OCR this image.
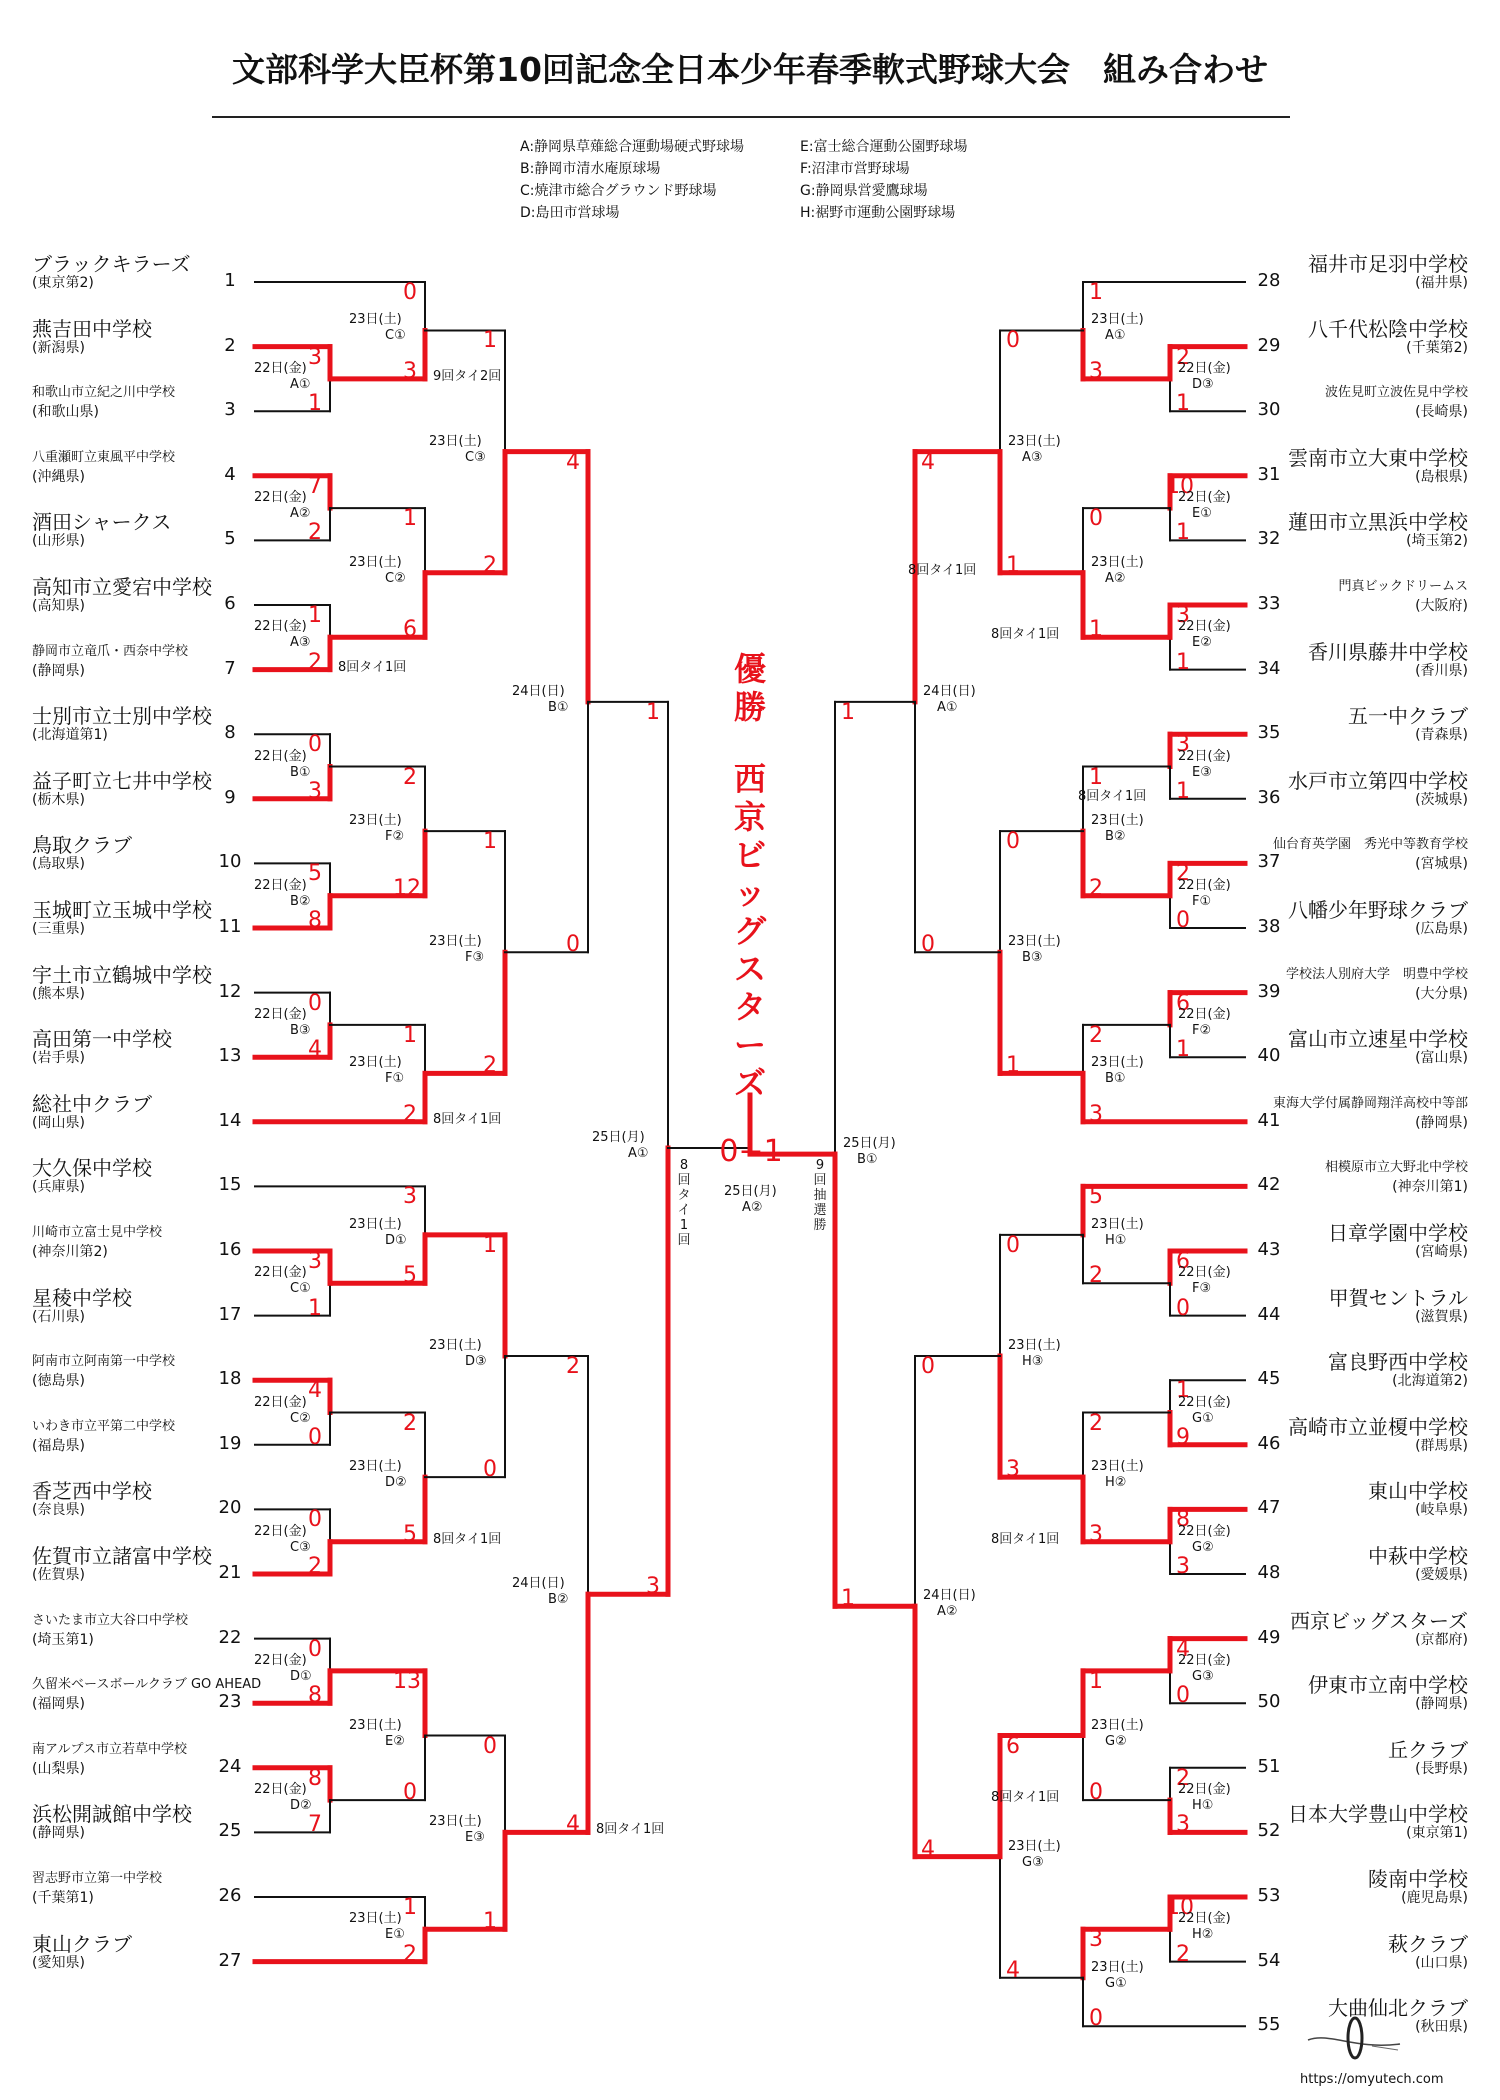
文部科学大臣杯第10回記念全日本少年春季軟式野球大会　組み合わせ
A:静岡県草薙総合運動場硬式野球場
B:静岡市清水庵原球場
C:焼津市総合グラウンド野球場
D:島田市営球場
E:富士総合運動公園野球場
F:沼津市営野球場
G:静岡県営愛鷹球場
H:裾野市運動公園野球場
ブラックキラーズ
(東京第2)	1
燕吉田中学校
(新潟県)	2
和歌山市立紀之川中学校
(和歌山県)	3
八重瀬町立東風平中学校
(沖縄県)	4
酒田シャークス
(山形県)	5
高知市立愛宕中学校
(高知県)	6
静岡市立竜爪・西奈中学校
(静岡県)	7
士別市立士別中学校
(北海道第1)	8
益子町立七井中学校
(栃木県)	9
鳥取クラブ
(鳥取県)	10
玉城町立玉城中学校
(三重県)	11
宇土市立鶴城中学校
(熊本県)	12
高田第一中学校
(岩手県)	13
総社中クラブ
(岡山県)	14
大久保中学校
(兵庫県)	15
川崎市立富士見中学校
(神奈川第2)	16
星稜中学校
(石川県)	17
阿南市立阿南第一中学校
(徳島県)	18
いわき市立平第二中学校
(福島県)	19
香芝西中学校
(奈良県)	20
佐賀市立諸富中学校
(佐賀県)	21
さいたま市立大谷口中学校
(埼玉第1)	22
久留米ベースボールクラブ GO AHEAD
(福岡県)	23
南アルプス市立若草中学校
(山梨県)	24
浜松開誠館中学校
(静岡県)	25
習志野市立第一中学校
(千葉第1)	26
東山クラブ
(愛知県)	27
福井市足羽中学校
(福井県)
28
八千代松陰中学校
(千葉第2)
29
波佐見町立波佐見中学校
(長崎県)
30
雲南市立大東中学校
(島根県)
31
蓮田市立黒浜中学校
(埼玉第2)
32
門真ビックドリームス
(大阪府)
33
香川県藤井中学校
(香川県)
34
五一中クラブ
(青森県)
35
水戸市立第四中学校
(茨城県)
36
仙台育英学園　秀光中等教育学校
(宮城県)
37
八幡少年野球クラブ
(広島県)
38
学校法人別府大学　明豊中学校
(大分県)
39
富山市立速星中学校
(富山県)
40
東海大学付属静岡翔洋高校中等部
(静岡県)
41
相模原市立大野北中学校
(神奈川第1)
42
日章学園中学校
(宮崎県)
43
甲賀セントラル
(滋賀県)
44
富良野西中学校
(北海道第2)
45
高崎市立並榎中学校
(群馬県)
46
東山中学校
(岐阜県)
47
中萩中学校
(愛媛県)
48
西京ビッグスターズ
(京都府)
49
伊東市立南中学校
(静岡県)
50
丘クラブ
(長野県)
51
日本大学豊山中学校
(東京第1)
52
陵南中学校
(鹿児島県)
53
萩クラブ
(山口県)
54
大曲仙北クラブ
(秋田県)
55
3
1
22日(金)
A①
0
3
23日(土)
C①
9回タイ2回
7
2
22日(金)
A②
1
2
22日(金)
A③
8回タイ1回
1
6
23日(土)
C②
1
2
23日(土)
C③
0
3
22日(金)
B①
5
8
22日(金)
B②
2
12
23日(土)
F②
0
4
22日(金)
B③	1
2
23日(土)
F①
8回タイ1回
1
2
23日(土)
F③
4
0
24日(日)
B①
3
1
22日(金)
C①
3
5
23日(土)
D①
4
0
22日(金)
C②
0
2
22日(金)
C③
2
5
23日(土)
D②
8回タイ1回
1
0
23日(土)
D③
0
8
22日(金)
D①
8
7
22日(金)
D②
13
0
23日(土)
E②
1
2
23日(土)
E①
0
1
23日(土)
E③
2
4
24日(日)
B②
8回タイ1回
1
3
25日(月)
A①
2
1
22日(金)
D③
1
3
23日(土)
A①
10
1
22日(金)
E①
3
1
22日(金)
E②
0
1
23日(土)
A②
8回タイ1回
0
1
23日(土)
A③
8回タイ1回
3
1
22日(金)
E③
8回タイ1回
2
0
22日(金)
F①
1
2
23日(土)
B②
6
1
22日(金)
F②
2
3
23日(土)
B①
0
1
23日(土)
B③
4
0
24日(日)
A①
6
0
22日(金)
F③
5
2
23日(土)
H①
1
9
22日(金)
G①
8
3
22日(金)
G②
2
3
23日(土)
H②
8回タイ1回
0
3
23日(土)
H③
4
0
22日(金)
G③
2
3
22日(金)
H①
1
0
23日(土)
G②
8回タイ1回
10
2
22日(金)
H②
3
0
23日(土)
G①
6
4
23日(土)
G③
0
4
24日(日)
A②
1
1
25日(月)
B①
優勝
西京ビッグスターズ
0−1
25日(月)
A②
8回タイ1回
9回抽選勝
https://omyutech.com
